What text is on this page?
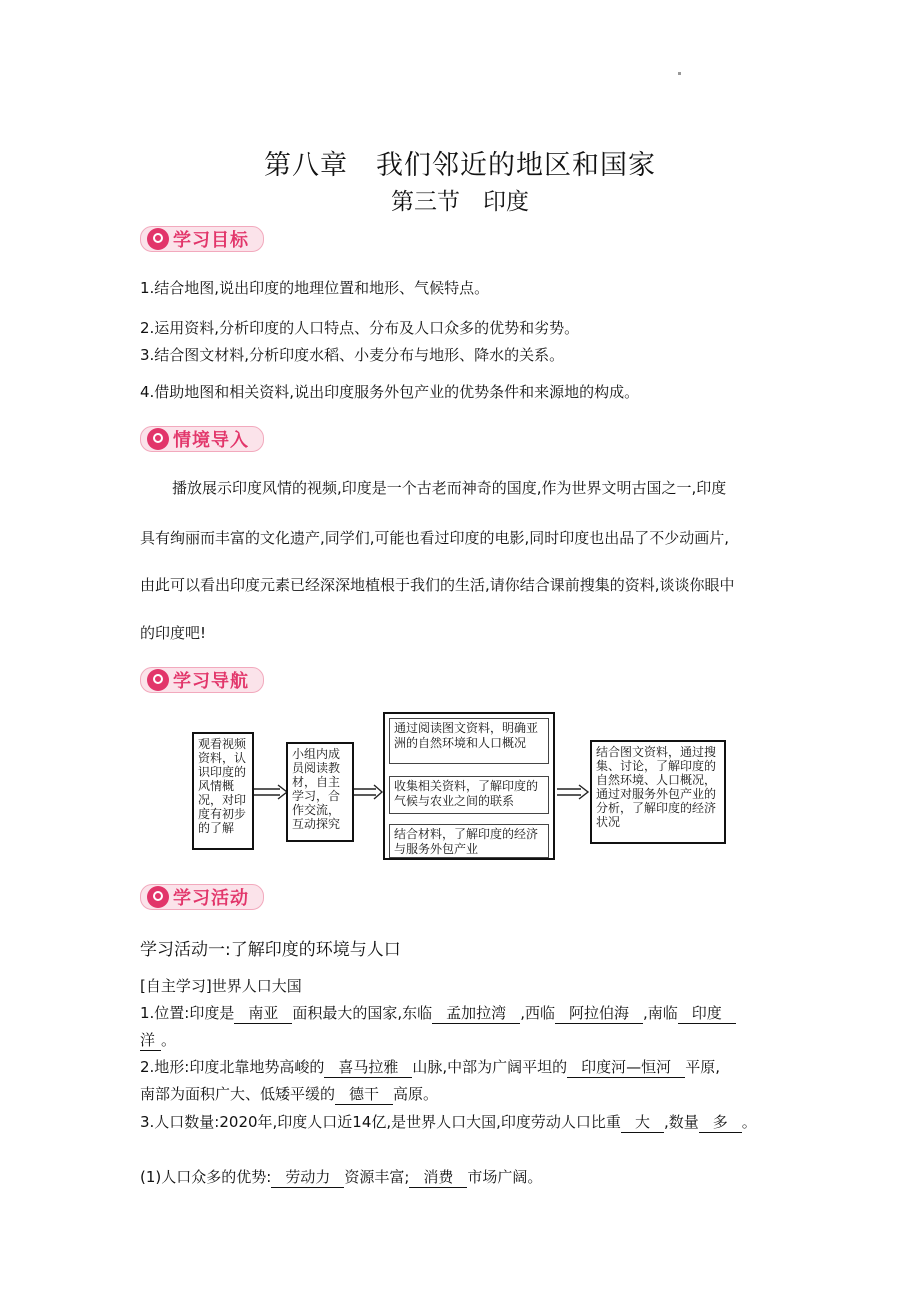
第八章　我们邻近的地区和国家
第三节　印度
学习目标
1.结合地图,说出印度的地理位置和地形、气候特点。
2.运用资料,分析印度的人口特点、分布及人口众多的优势和劣势。
3.结合图文材料,分析印度水稻、小麦分布与地形、降水的关系。
4.借助地图和相关资料,说出印度服务外包产业的优势条件和来源地的构成。
情境导入
播放展示印度风情的视频,印度是一个古老而神奇的国度,作为世界文明古国之一,印度
具有绚丽而丰富的文化遗产,同学们,可能也看过印度的电影,同时印度也出品了不少动画片,
由此可以看出印度元素已经深深地植根于我们的生活,请你结合课前搜集的资料,谈谈你眼中
的印度吧!
学习导航
观看视频资料，认识印度的风情概况，对印度有初步的了解
小组内成员阅读教材，自主学习，合作交流，互动探究
通过阅读图文资料，明确亚洲的自然环境和人口概况
收集相关资料，了解印度的气候与农业之间的联系
结合材料，了解印度的经济与服务外包产业
结合图文资料，通过搜集、讨论，了解印度的自然环境、人口概况，通过对服务外包产业的分析，了解印度的经济状况
学习活动
学习活动一:了解印度的环境与人口
[自主学习]世界人口大国
1.位置:印度是 南亚 面积最大的国家,东临 孟加拉湾 ,西临 阿拉伯海 ,南临 印度
洋 。
2.地形:印度北靠地势高峻的 喜马拉雅 山脉,中部为广阔平坦的 印度河—恒河 平原,
南部为面积广大、低矮平缓的 德干 高原。
3.人口数量:2020年,印度人口近14亿,是世界人口大国,印度劳动人口比重 大 ,数量 多 。
(1)人口众多的优势: 劳动力 资源丰富; 消费 市场广阔。
